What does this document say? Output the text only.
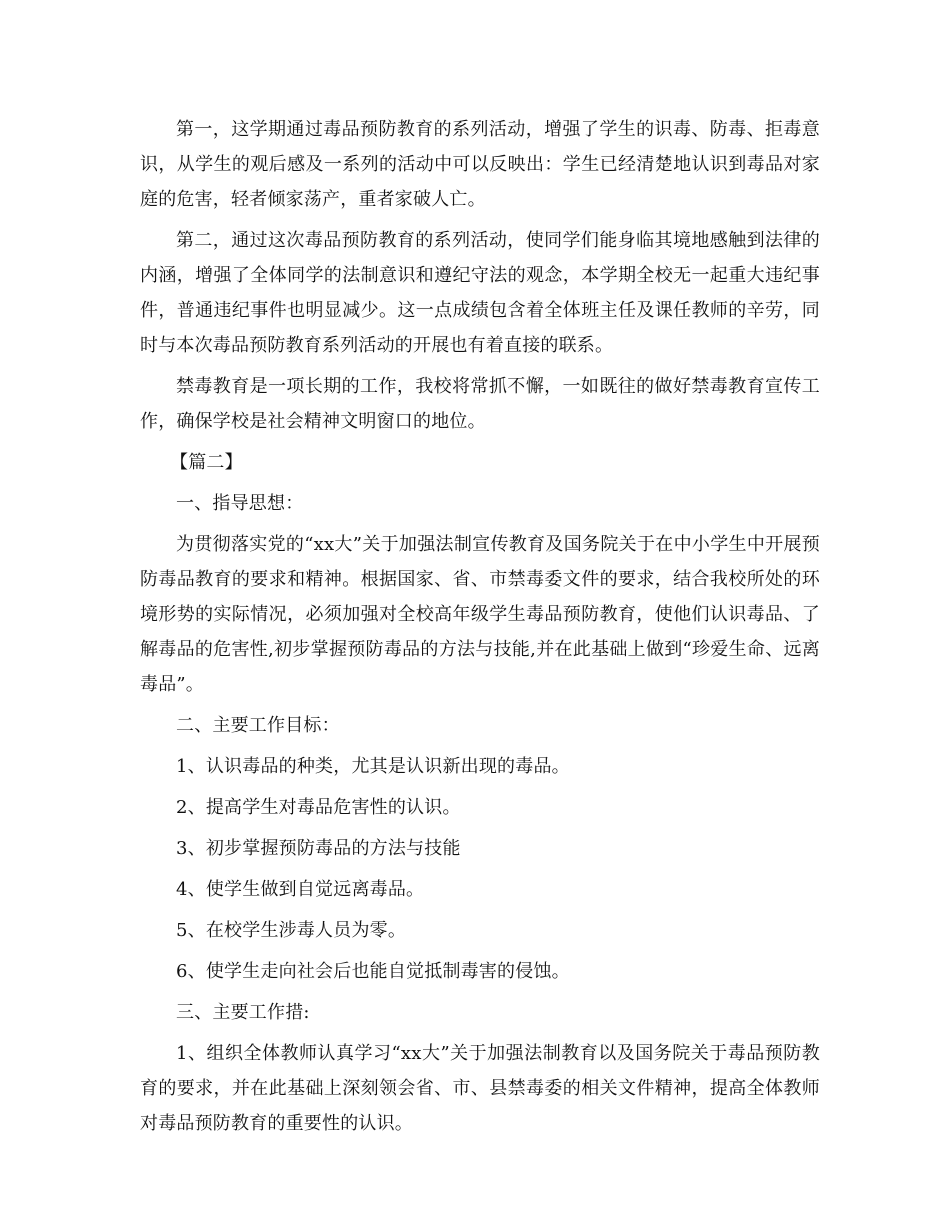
第一，这学期通过毒品预防教育的系列活动，增强了学生的识毒、防毒、拒毒意识，从学生的观后感及一系列的活动中可以反映出：学生已经清楚地认识到毒品对家庭的危害，轻者倾家荡产，重者家破人亡。

第二，通过这次毒品预防教育的系列活动，使同学们能身临其境地感触到法律的内涵，增强了全体同学的法制意识和遵纪守法的观念，本学期全校无一起重大违纪事件，普通违纪事件也明显减少。这一点成绩包含着全体班主任及课任教师的辛劳，同时与本次毒品预防教育系列活动的开展也有着直接的联系。

禁毒教育是一项长期的工作，我校将常抓不懈，一如既往的做好禁毒教育宣传工作，确保学校是社会精神文明窗口的地位。

【篇二】

一、指导思想：

为贯彻落实党的“xx大”关于加强法制宣传教育及国务院关于在中小学生中开展预防毒品教育的要求和精神。根据国家、省、市禁毒委文件的要求，结合我校所处的环境形势的实际情况，必须加强对全校高年级学生毒品预防教育，使他们认识毒品、了解毒品的危害性,初步掌握预防毒品的方法与技能,并在此基础上做到“珍爱生命、远离毒品”。

二、主要工作目标：

1、认识毒品的种类，尤其是认识新出现的毒品。

2、提高学生对毒品危害性的认识。

3、初步掌握预防毒品的方法与技能

4、使学生做到自觉远离毒品。

5、在校学生涉毒人员为零。

6、使学生走向社会后也能自觉抵制毒害的侵蚀。

三、主要工作措:

1、组织全体教师认真学习“xx大”关于加强法制教育以及国务院关于毒品预防教育的要求，并在此基础上深刻领会省、市、县禁毒委的相关文件精神，提高全体教师对毒品预防教育的重要性的认识。
